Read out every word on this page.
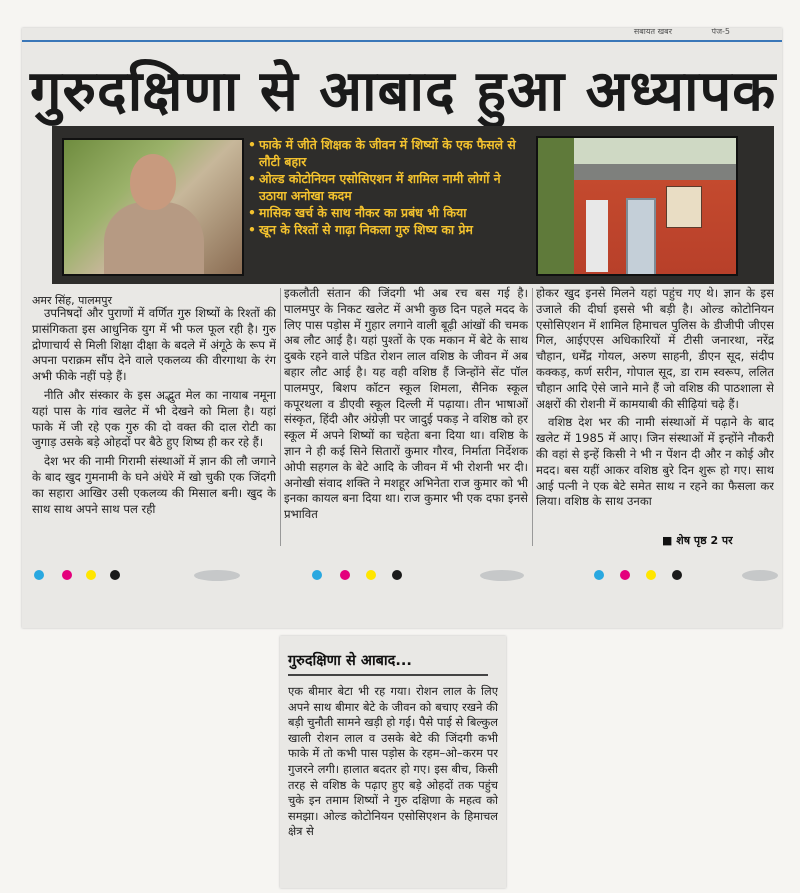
सबायत खबर	पेज-5
गुरुदक्षिणा से आबाद हुआ अध्यापक
• फाके में जीते शिक्षक के जीवन में शिष्यों के एक फैसले से लौटी बहार
• ओल्ड कोटोनियन एसोसिएशन में शामिल नामी लोगों ने उठाया अनोखा कदम
• मासिक खर्च के साथ नौकर का प्रबंध भी किया
• खून के रिश्तों से गाढ़ा निकला गुरु शिष्य का प्रेम
अमर सिंह, पालमपुर

उपनिषदों और पुराणों में वर्णित गुरु शिष्यों के रिश्तों की प्रासंगिकता इस आधुनिक युग में भी फल फूल रही है। गुरु द्रोणाचार्य से मिली शिक्षा दीक्षा के बदले में अंगूठे के रूप में अपना पराक्रम सौंप देने वाले एकलव्य की वीरगाथा के रंग अभी फीके नहीं पड़े हैं।

नीति और संस्कार के इस अद्भुत मेल का नायाब नमूना यहां पास के गांव खलेट में भी देखने को मिला है। यहां फाके में जी रहे एक गुरु की दो वक्त की दाल रोटी का जुगाड़ उसके बड़े ओहदों पर बैठे हुए शिष्य ही कर रहे हैं।

देश भर की नामी गिरामी संस्थाओं में ज्ञान की लौ जगाने के बाद खुद गुमनामी के घने अंधेरे में खो चुकी एक जिंदगी का सहारा आखिर उसी एकलव्य की मिसाल बनी। खुद के साथ साथ अपने साथ पल रही

इकलौती संतान की जिंदगी भी अब रच बस गई है। पालमपुर के निकट खलेट में अभी कुछ दिन पहले मदद के लिए पास पड़ोस में गुहार लगाने वाली बूढ़ी आंखों की चमक अब लौट आई है। यहां पुश्तों के एक मकान में बेटे के साथ दुबके रहने वाले पंडित रोशन लाल वशिष्ठ के जीवन में अब बहार लौट आई है। यह वही वशिष्ठ हैं जिन्होंने सेंट पॉल पालमपुर, बिशप कॉटन स्कूल शिमला, सैनिक स्कूल कपूरथला व डीएवी स्कूल दिल्ली में पढ़ाया। तीन भाषाओं संस्कृत, हिंदी और अंग्रेज़ी पर जादुई पकड़ ने वशिष्ठ को हर स्कूल में अपने शिष्यों का चहेता बना दिया था। वशिष्ठ के ज्ञान ने ही कई सिने सितारों कुमार गौरव, निर्माता निर्देशक ओपी सहगल के बेटे आदि के जीवन में भी रोशनी भर दी। अनोखी संवाद शक्ति ने मशहूर अभिनेता राज कुमार को भी इनका कायल बना दिया था। राज कुमार भी एक दफा इनसे प्रभावित

होकर खुद इनसे मिलने यहां पहुंच गए थे। ज्ञान के इस उजाले की दीर्घा इससे भी बड़ी है। ओल्ड कोटोनियन एसोसिएशन में शामिल हिमाचल पुलिस के डीजीपी जीएस गिल, आईएएस अधिकारियों में टीसी जनारथा, नरेंद्र चौहान, धर्मेंद्र गोयल, अरुण साहनी, डीएन सूद, संदीप कक्कड़, कर्ण सरीन, गोपाल सूद, डा राम स्वरूप, ललित चौहान आदि ऐसे जाने माने हैं जो वशिष्ठ की पाठशाला से अक्षरों की रोशनी में कामयाबी की सीढ़ियां चढ़े हैं।

वशिष्ठ देश भर की नामी संस्थाओं में पढ़ाने के बाद खलेट में 1985 में आए। जिन संस्थाओं में इन्होंने नौकरी की वहां से इन्हें किसी ने भी न पेंशन दी और न कोई और मदद। बस यहीं आकर वशिष्ठ बुरे दिन शुरू हो गए। साथ आई पत्नी ने एक बेटे समेत साथ न रहने का फैसला कर लिया। वशिष्ठ के साथ उनका

■ शेष पृष्ठ 2 पर
गुरुदक्षिणा से आबाद...
एक बीमार बेटा भी रह गया। रोशन लाल के लिए अपने साथ बीमार बेटे के जीवन को बचाए रखने की बड़ी चुनौती सामने खड़ी हो गई। पैसे पाई से बिल्कुल खाली रोशन लाल व उसके बेटे की जिंदगी कभी फाके में तो कभी पास पड़ोस के रहम–ओ–करम पर गुजरने लगी। हालात बदतर हो गए। इस बीच, किसी तरह से वशिष्ठ के पढ़ाए हुए बड़े ओहदों तक पहुंच चुके इन तमाम शिष्यों ने गुरु दक्षिणा के महत्व को समझा। ओल्ड कोटोनियन एसोसिएशन के हिमाचल क्षेत्र से
